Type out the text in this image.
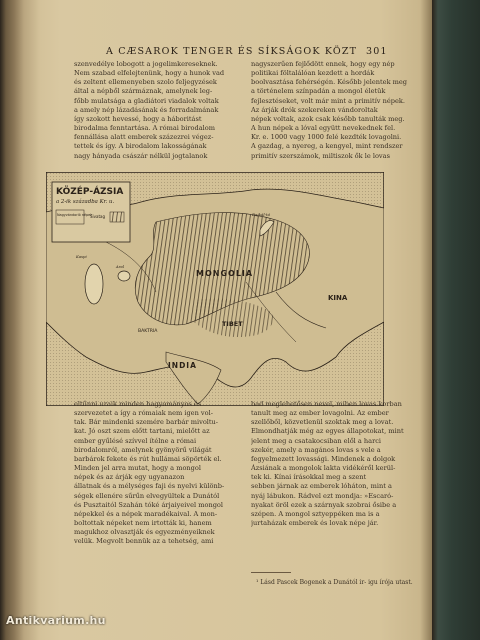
A CÆSAROK TENGER ÉS SÍKSÁGOK KÖZT 301

szenvedélye lobogott a jogelimkereseknek.

Nem szabad elfelejtenünk, hogy a hunok vad

és zeltent ellemenyeben szolo feljegyzések

által a népből szármáznak, amelynek leg-

főbb mulatsága a gladiátori viadalok voltak

a amely nép lázadásának és forradalmának

így szokott hevessé, hogy a háboritást

birodalma fenntartása. A római birodalom

fennállása alatt emberek százezrei végez-

tettek és így. A birodalom lakosságának

nagy hányada császár nélkül jogtalanok

nagyszerűen fejlődött ennek, hogy egy nép

politikai föltalálóan kezdett a hordák

boolvasztása fehérségén. Később jelentek meg

a történelem színpadán a mongol életük

fejlesztéseket, volt már mint a primitív népek.

Az árják drók szekereken vándoroltak

népek voltak, azok csak később tanulták meg.

A hun népek a lóval együtt nevekednek fel.

Kr. e. 1000 vagy 1000 felé kezdték lovagolni.

A gazdag, a nyereg, a kengyel, mint rendszer

primitív szerszámok, miltiszok ők le lovas

KÖZÉP-ÁZSIA
a 2-ik századba Kr. u.
Nagyvándorló népek
Sivatag
MONGOLIA
TIBET
INDIA
KINA
BAKTRIA
Bajkál-tó
Aral
Kaspi

eltűnni uraik minden hagyományos és

szervezetet a így a rómaiak nem igen vol-

tak. Bár mindenki szemére barbár mivoltu-

kat. Jó oszt szem előtt tartani, mielőtt az

ember gyűlésé szívvel ítélne a római

birodalomról, amelynek gyönyörű világát

barbárok fekete és rút hullámai söpörték el.

Minden jel arra mutat, hogy a mongol

népek és az árják egy ugyanazon

állatnak és a mélységes faji és nyelvi különb-

ségek ellenére sűrűn elvegyültek a Dunától

és Pusztaitól Szahán tóké árjaiyeivel mongol

népekkel és a népek maradékaival. A mon-

boltottak népeket nem irtották ki, hanem

magukhoz olvasztják és egyezményeiknek

velük. Megvolt bennük az a tehetség, ami

bad meglehetősen nevel, miben lovas korban

tanult meg az ember lovagolni. Az ember

szellőből, közvetlenül szoktak meg a lovat.

Elmondhatják még az egyes állapotokat, mint

jelent meg a csatakocsiban elől a harci

szekér, amely a magános lovas s vele a

fegyelmezett lovassági. Mindenek a dolgok

Ázsiának a mongolok lakta vidékéről kerül-

tek ki. Kínai írásokkal meg a szent

sebben járnak az emberek lóháton, mint a

nyáj lábukon. Rádvel ezt mondja: »Escaró-

nyakat öröl ezek a szárnyak szobrai ősibe a

szépen. A mongol sztyeppéken ma is a

jurtaházak emberek és lovak népe jár.

¹ Lásd Pascek Bogenek a Dunától ir- igu írója utast.
Antikvarium.hu
